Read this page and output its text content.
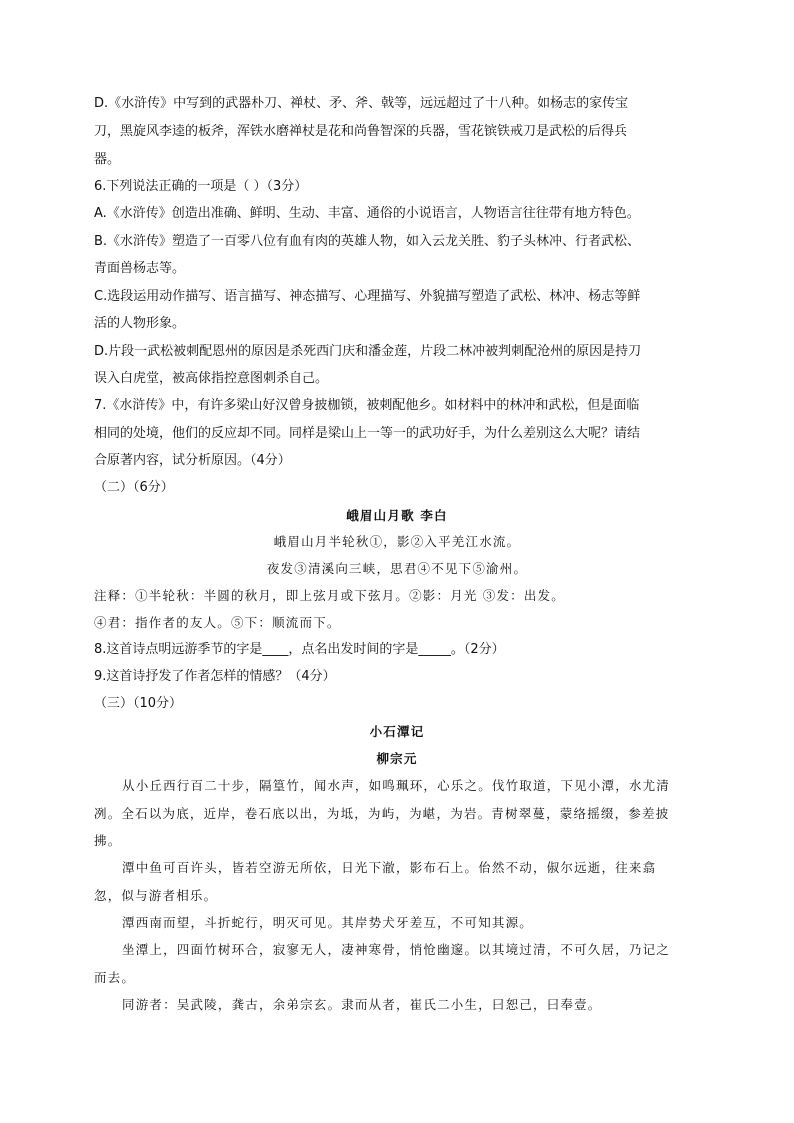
D.《水浒传》中写到的武器朴刀、禅杖、矛、斧、戟等，远远超过了十八种。如杨志的家传宝
刀，黑旋风李逵的板斧，浑铁水磨禅杖是花和尚鲁智深的兵器，雪花镔铁戒刀是武松的后得兵
器。
6.下列说法正确的一项是（ ）（3分）
A.《水浒传》创造出准确、鲜明、生动、丰富、通俗的小说语言，人物语言往往带有地方特色。
B.《水浒传》塑造了一百零八位有血有肉的英雄人物，如入云龙关胜、豹子头林冲、行者武松、
青面兽杨志等。
C.选段运用动作描写、语言描写、神态描写、心理描写、外貌描写塑造了武松、林冲、杨志等鲜
活的人物形象。
D.片段一武松被刺配恩州的原因是杀死西门庆和潘金莲，片段二林冲被判刺配沧州的原因是持刀
误入白虎堂，被高俅指控意图刺杀自己。
7.《水浒传》中，有许多梁山好汉曾身披枷锁，被刺配他乡。如材料中的林冲和武松，但是面临
相同的处境，他们的反应却不同。同样是梁山上一等一的武功好手，为什么差别这么大呢？请结
合原著内容，试分析原因。（4分）
（二）（6分）
峨眉山月歌 李白
峨眉山月半轮秋①，影②入平羌江水流。
夜发③清溪向三峡，思君④不见下⑤渝州。
注释：①半轮秋：半圆的秋月，即上弦月或下弦月。②影：月光 ③发：出发。
④君：指作者的友人。⑤下：顺流而下。
8.这首诗点明远游季节的字是____，点名出发时间的字是_____。（2分）
9.这首诗抒发了作者怎样的情感？（4分）
（三）（10分）
小石潭记
柳宗元
从小丘西行百二十步，隔篁竹，闻水声，如鸣珮环，心乐之。伐竹取道，下见小潭，水尤清
冽。全石以为底，近岸，卷石底以出，为坻，为屿，为嵁，为岩。青树翠蔓，蒙络摇缀，参差披
拂。
潭中鱼可百许头，皆若空游无所依，日光下澈，影布石上。佁然不动，俶尔远逝，往来翕
忽，似与游者相乐。
潭西南而望，斗折蛇行，明灭可见。其岸势犬牙差互，不可知其源。
坐潭上，四面竹树环合，寂寥无人，凄神寒骨，悄怆幽邃。以其境过清，不可久居，乃记之
而去。
同游者：吴武陵，龚古，余弟宗玄。隶而从者，崔氏二小生，曰恕己，曰奉壹。
